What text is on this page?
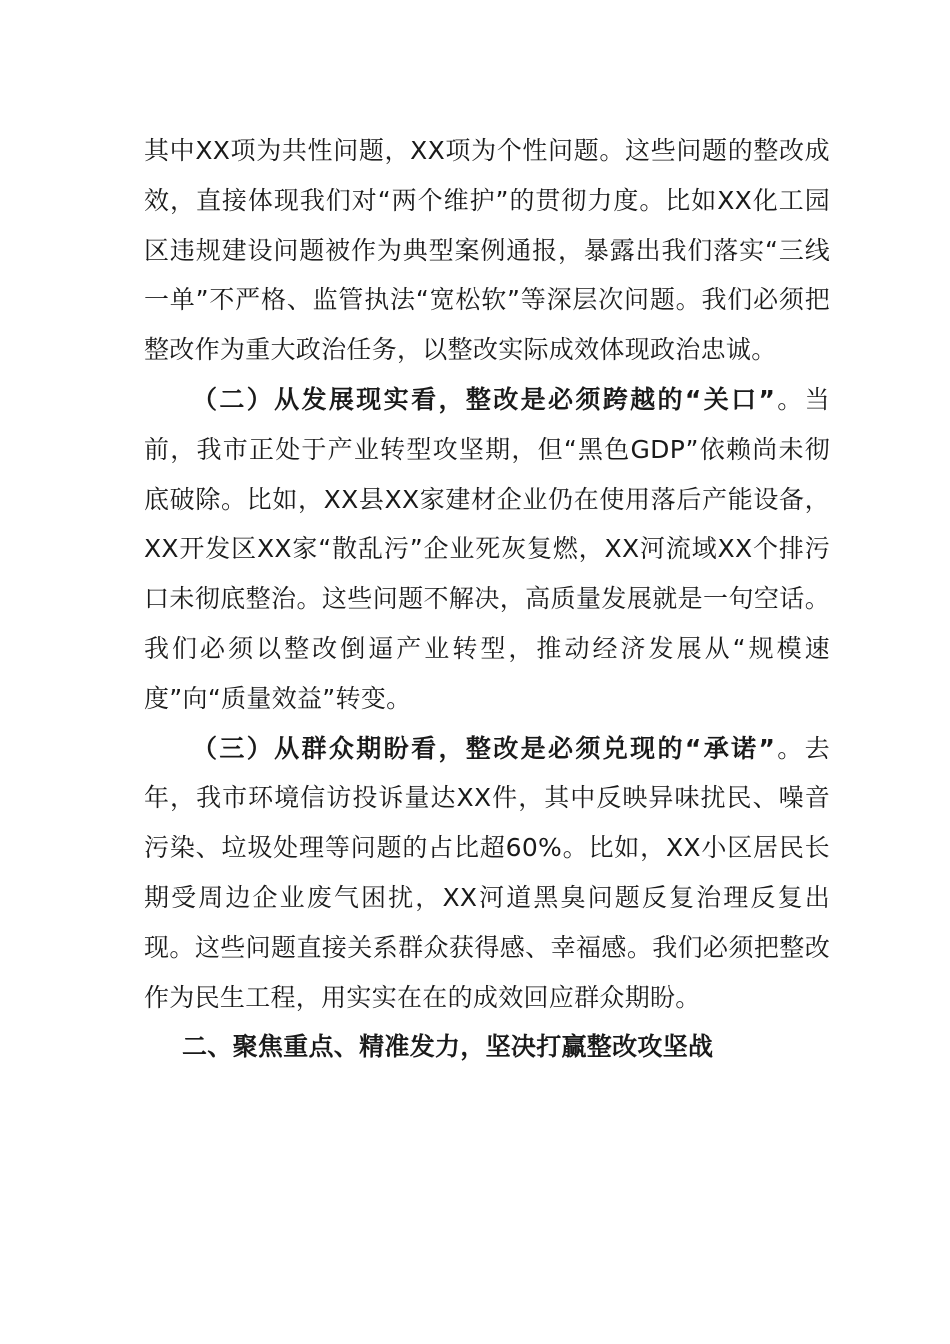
其中XX项为共性问题，XX项为个性问题。这些问题的整改成效，直接体现我们对“两个维护”的贯彻力度。比如XX化工园区违规建设问题被作为典型案例通报，暴露出我们落实“三线一单”不严格、监管执法“宽松软”等深层次问题。我们必须把整改作为重大政治任务，以整改实际成效体现政治忠诚。

（二）从发展现实看，整改是必须跨越的“关口”。当前，我市正处于产业转型攻坚期，但“黑色GDP”依赖尚未彻底破除。比如，XX县XX家建材企业仍在使用落后产能设备，XX开发区XX家“散乱污”企业死灰复燃，XX河流域XX个排污口未彻底整治。这些问题不解决，高质量发展就是一句空话。我们必须以整改倒逼产业转型，推动经济发展从“规模速度”向“质量效益”转变。

（三）从群众期盼看，整改是必须兑现的“承诺”。去年，我市环境信访投诉量达XX件，其中反映异味扰民、噪音污染、垃圾处理等问题的占比超60%。比如，XX小区居民长期受周边企业废气困扰，XX河道黑臭问题反复治理反复出现。这些问题直接关系群众获得感、幸福感。我们必须把整改作为民生工程，用实实在在的成效回应群众期盼。

二、聚焦重点、精准发力，坚决打赢整改攻坚战
